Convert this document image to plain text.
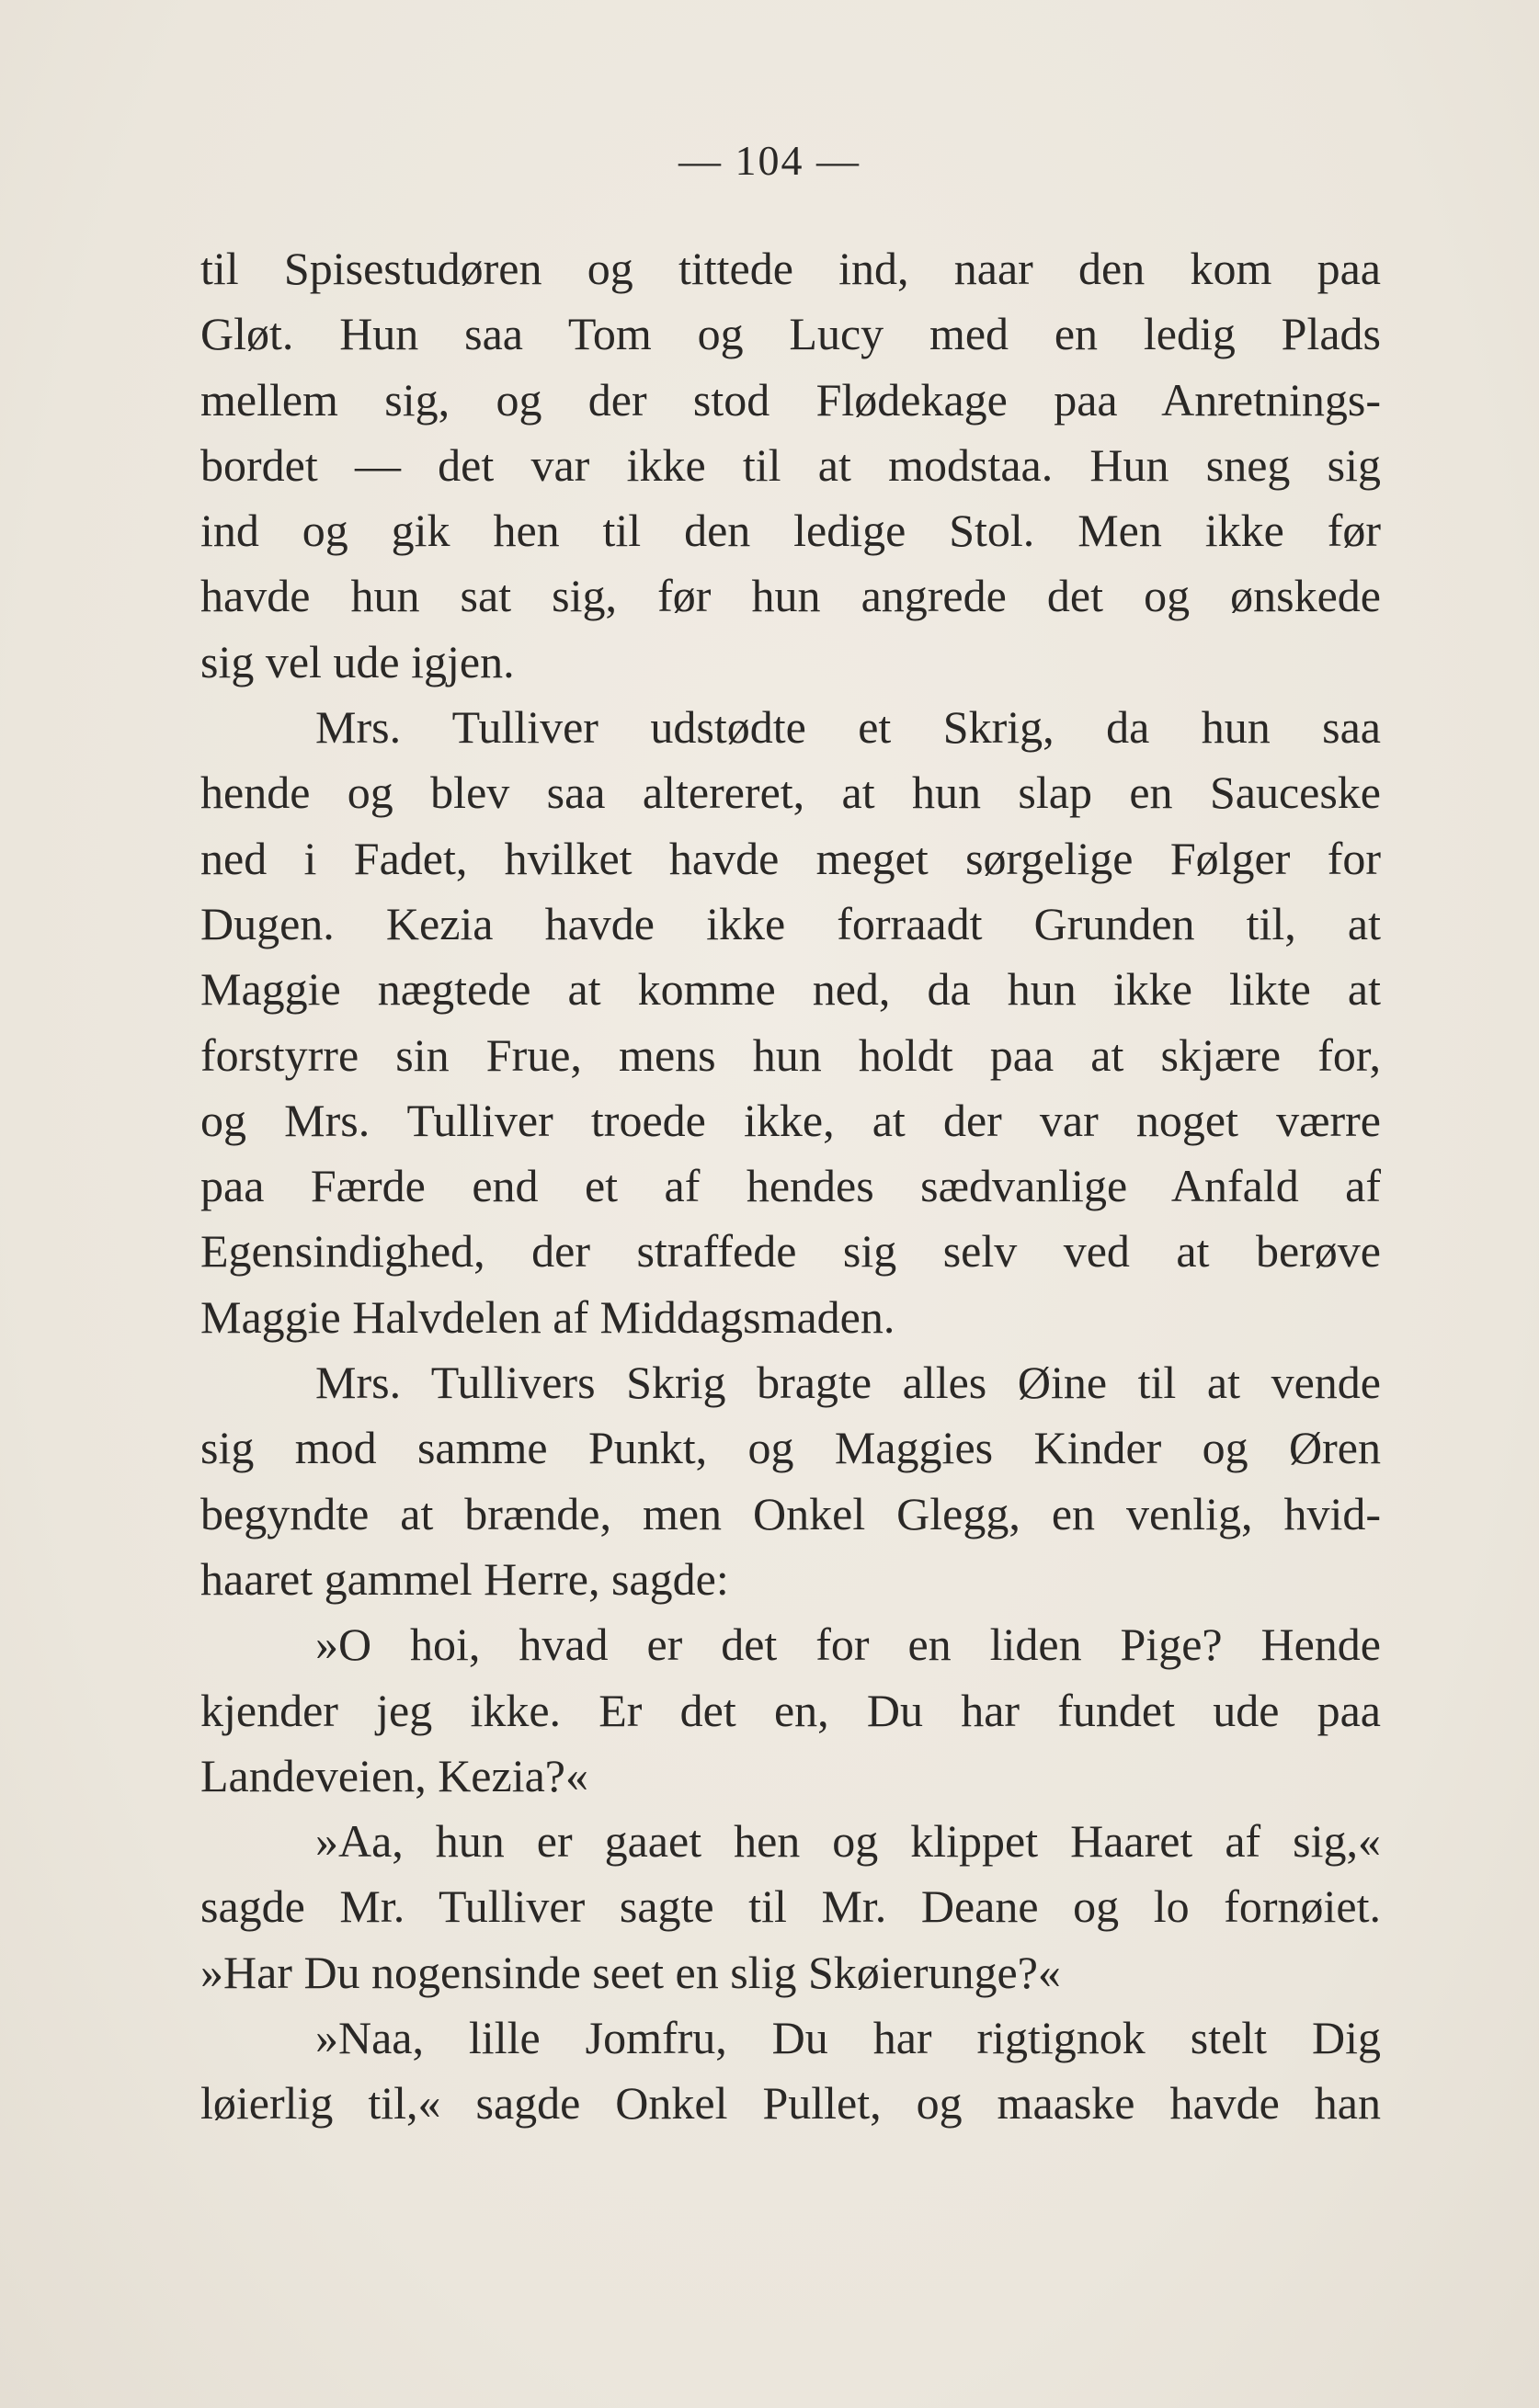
— 104 —
til Spisestudøren og tittede ind, naar den kom paa
Gløt. Hun saa Tom og Lucy med en ledig Plads
mellem sig, og der stod Flødekage paa Anretnings-
bordet — det var ikke til at modstaa. Hun sneg sig
ind og gik hen til den ledige Stol. Men ikke før
havde hun sat sig, før hun angrede det og ønskede
sig vel ude igjen.
Mrs. Tulliver udstødte et Skrig, da hun saa
hende og blev saa altereret, at hun slap en Sauceske
ned i Fadet, hvilket havde meget sørgelige Følger for
Dugen. Kezia havde ikke forraadt Grunden til, at
Maggie nægtede at komme ned, da hun ikke likte at
forstyrre sin Frue, mens hun holdt paa at skjære for,
og Mrs. Tulliver troede ikke, at der var noget værre
paa Færde end et af hendes sædvanlige Anfald af
Egensindighed, der straffede sig selv ved at berøve
Maggie Halvdelen af Middagsmaden.
Mrs. Tullivers Skrig bragte alles Øine til at vende
sig mod samme Punkt, og Maggies Kinder og Øren
begyndte at brænde, men Onkel Glegg, en venlig, hvid-
haaret gammel Herre, sagde:
»O hoi, hvad er det for en liden Pige? Hende
kjender jeg ikke. Er det en, Du har fundet ude paa
Landeveien, Kezia?«
»Aa, hun er gaaet hen og klippet Haaret af sig,«
sagde Mr. Tulliver sagte til Mr. Deane og lo fornøiet.
»Har Du nogensinde seet en slig Skøierunge?«
»Naa, lille Jomfru, Du har rigtignok stelt Dig
løierlig til,« sagde Onkel Pullet, og maaske havde han
